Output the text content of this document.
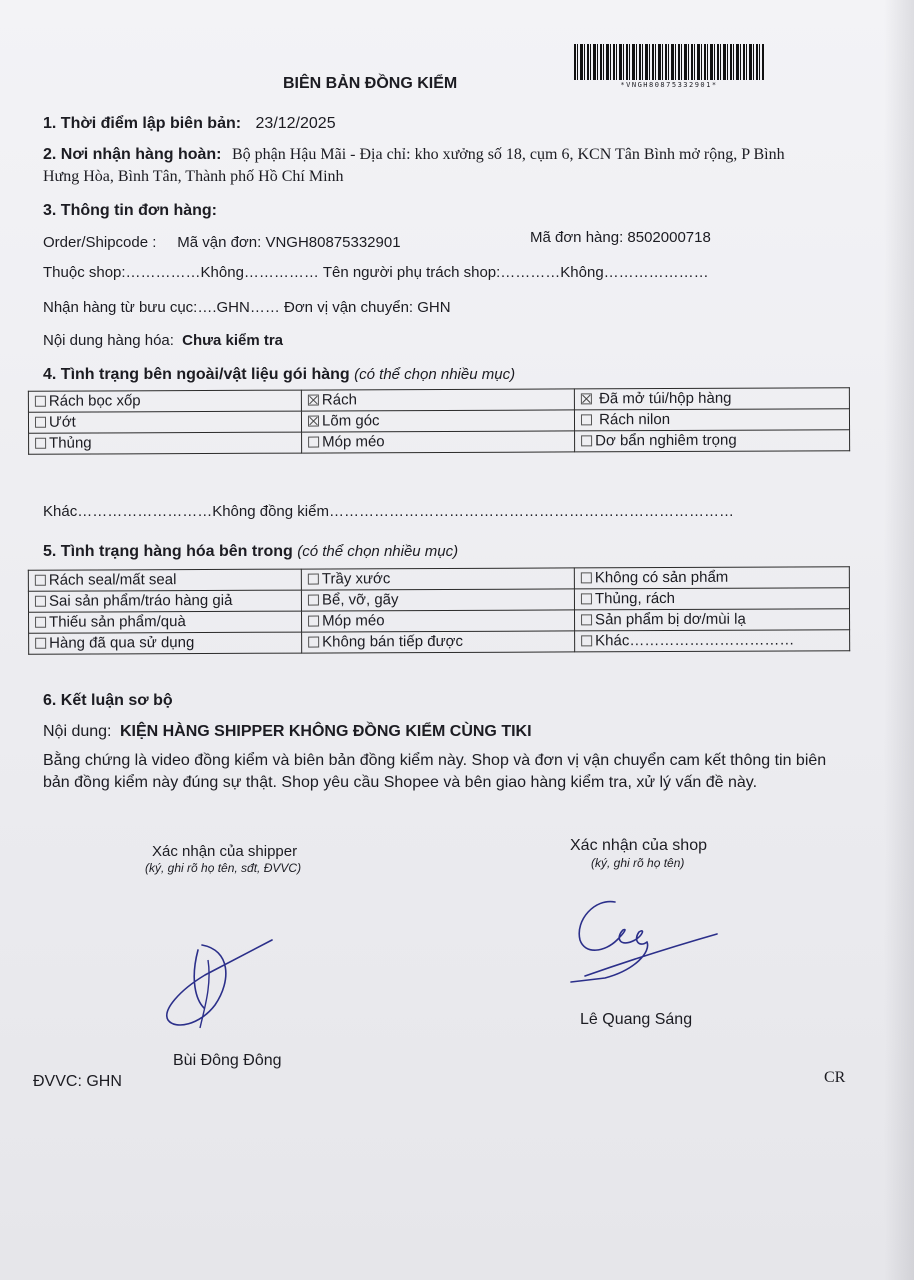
BIÊN BẢN ĐỒNG KIỂM	*VNGH80875332901*
1. Thời điểm lập biên bản: 23/12/2025
2. Nơi nhận hàng hoàn: Bộ phận Hậu Mãi - Địa chỉ: kho xưởng số 18, cụm 6, KCN Tân Bình mở rộng, P Bình
Hưng Hòa, Bình Tân, Thành phố Hồ Chí Minh
3. Thông tin đơn hàng:
Order/Shipcode :     Mã vận đơn: VNGH80875332901	Mã đơn hàng: 8502000718
Thuộc shop:……………Không…………… Tên người phụ trách shop:…………Không…………………
Nhận hàng từ bưu cục:….GHN…… Đơn vị vận chuyển: GHN
Nội dung hàng hóa: Chưa kiểm tra
4. Tình trạng bên ngoài/vật liệu gói hàng (có thể chọn nhiều mục)
Rách bọc xốp	Rách	Đã mở túi/hộp hàng
Ướt	Lõm góc	Rách nilon
Thủng	Móp méo	Dơ bẩn nghiêm trọng
Khác………………………Không đồng kiểm………………………………………………………………………
5. Tình trạng hàng hóa bên trong (có thể chọn nhiều mục)
Rách seal/mất seal	Trầy xước	Không có sản phẩm
Sai sản phẩm/tráo hàng giả	Bể, vỡ, gãy	Thủng, rách
Thiếu sản phẩm/quà	Móp méo	Sản phẩm bị dơ/mùi lạ
Hàng đã qua sử dụng	Không bán tiếp được	Khác……………………………
6. Kết luận sơ bộ
Nội dung: KIỆN HÀNG SHIPPER KHÔNG ĐỒNG KIỂM CÙNG TIKI
Bằng chứng là video đồng kiểm và biên bản đồng kiểm này. Shop và đơn vị vận chuyển cam kết thông tin biên
bản đồng kiểm này đúng sự thật. Shop yêu cầu Shopee và bên giao hàng kiểm tra, xử lý vấn đề này.
Xác nhận của shipper
(ký, ghi rõ họ tên, sđt, ĐVVC)
Bùi Đông Đông
Xác nhận của shop
(ký, ghi rõ họ tên)
Lê Quang Sáng
ĐVVC: GHN	CR
